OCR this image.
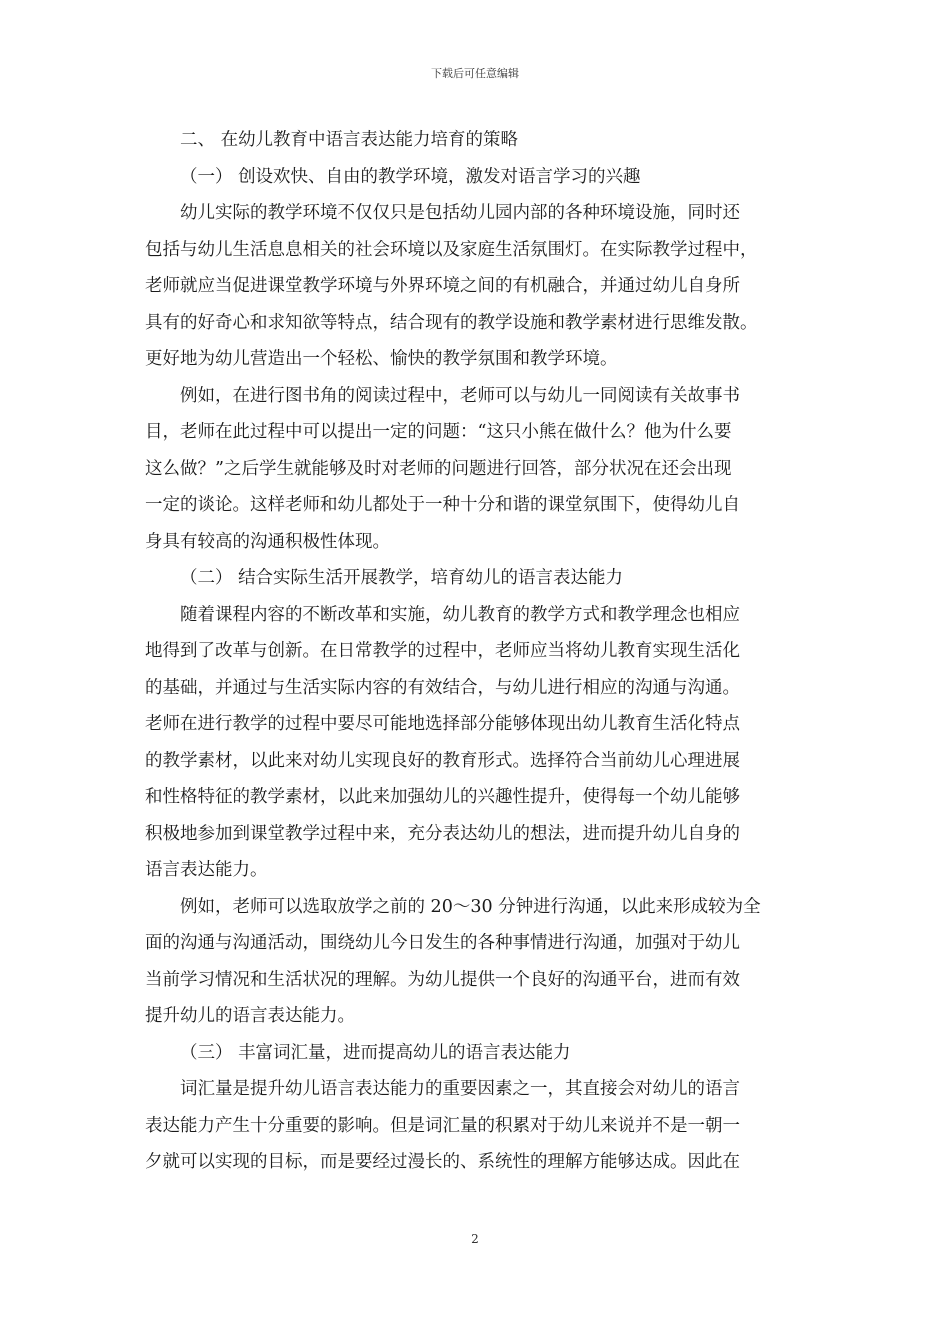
下载后可任意编辑
二、 在幼儿教育中语言表达能力培育的策略
（一） 创设欢快、自由的教学环境，激发对语言学习的兴趣
幼儿实际的教学环境不仅仅只是包括幼儿园内部的各种环境设施，同时还
包括与幼儿生活息息相关的社会环境以及家庭生活氛围灯。在实际教学过程中，
老师就应当促进课堂教学环境与外界环境之间的有机融合，并通过幼儿自身所
具有的好奇心和求知欲等特点，结合现有的教学设施和教学素材进行思维发散。
更好地为幼儿营造出一个轻松、愉快的教学氛围和教学环境。
例如，在进行图书角的阅读过程中，老师可以与幼儿一同阅读有关故事书
目，老师在此过程中可以提出一定的问题：“这只小熊在做什么？他为什么要
这么做？”之后学生就能够及时对老师的问题进行回答，部分状况在还会出现
一定的谈论。这样老师和幼儿都处于一种十分和谐的课堂氛围下，使得幼儿自
身具有较高的沟通积极性体现。
（二） 结合实际生活开展教学，培育幼儿的语言表达能力
随着课程内容的不断改革和实施，幼儿教育的教学方式和教学理念也相应
地得到了改革与创新。在日常教学的过程中，老师应当将幼儿教育实现生活化
的基础，并通过与生活实际内容的有效结合，与幼儿进行相应的沟通与沟通。
老师在进行教学的过程中要尽可能地选择部分能够体现出幼儿教育生活化特点
的教学素材，以此来对幼儿实现良好的教育形式。选择符合当前幼儿心理进展
和性格特征的教学素材，以此来加强幼儿的兴趣性提升，使得每一个幼儿能够
积极地参加到课堂教学过程中来，充分表达幼儿的想法，进而提升幼儿自身的
语言表达能力。
例如，老师可以选取放学之前的 20～30 分钟进行沟通，以此来形成较为全
面的沟通与沟通活动，围绕幼儿今日发生的各种事情进行沟通，加强对于幼儿
当前学习情况和生活状况的理解。为幼儿提供一个良好的沟通平台，进而有效
提升幼儿的语言表达能力。
（三） 丰富词汇量，进而提高幼儿的语言表达能力
词汇量是提升幼儿语言表达能力的重要因素之一，其直接会对幼儿的语言
表达能力产生十分重要的影响。但是词汇量的积累对于幼儿来说并不是一朝一
夕就可以实现的目标，而是要经过漫长的、系统性的理解方能够达成。因此在
2
